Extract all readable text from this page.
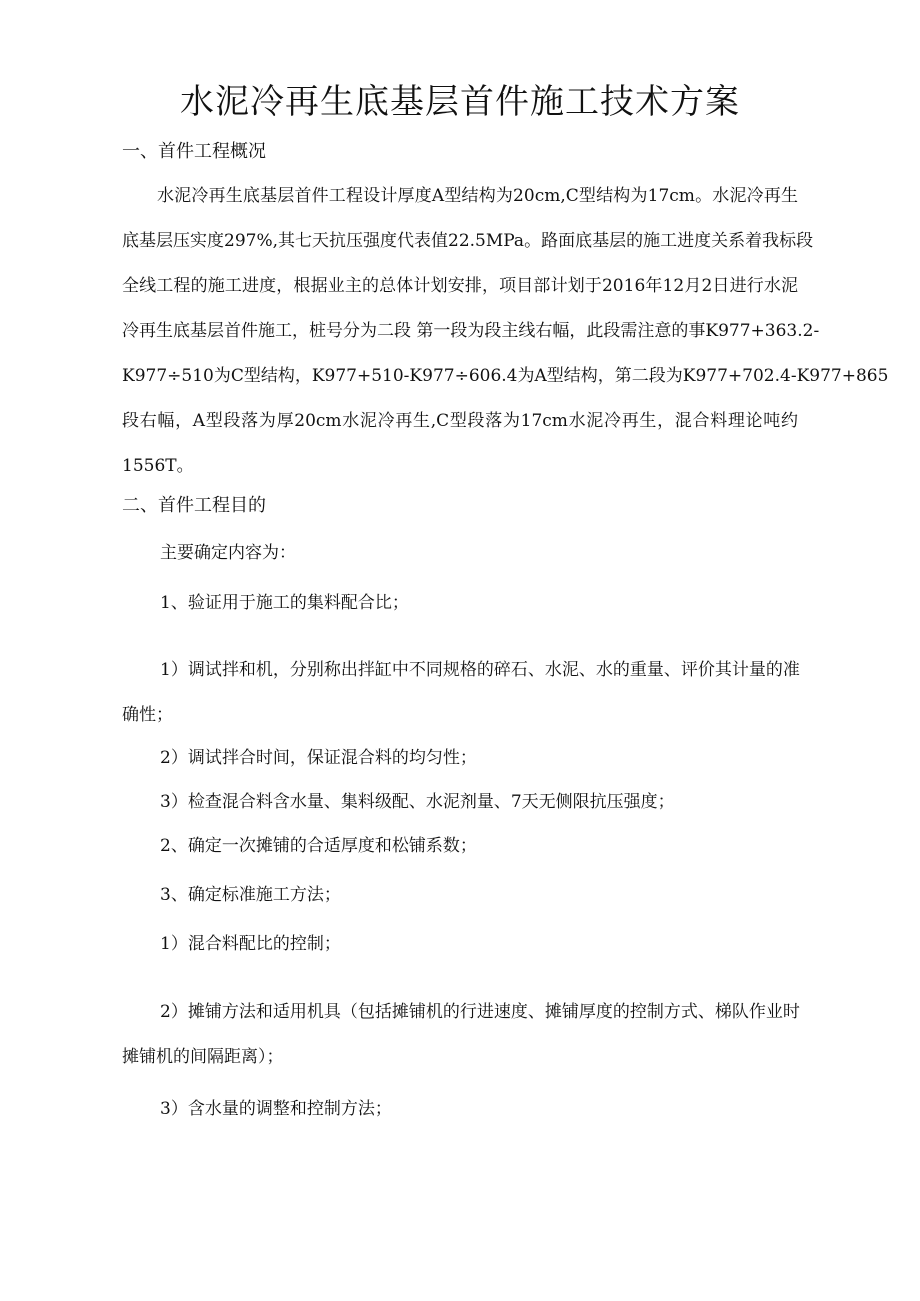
水泥冷再生底基层首件施工技术方案

一、首件工程概况

水泥冷再生底基层首件工程设计厚度A型结构为20cm,C型结构为17cm。水泥冷再生

底基层压实度297%,其七天抗压强度代表值22.5MPa。路面底基层的施工进度关系着我标段

全线工程的施工进度，根据业主的总体计划安排，项目部计划于2016年12月2日进行水泥

冷再生底基层首件施工，桩号分为二段 第一段为段主线右幅，此段需注意的事K977+363.2-

K977÷510为C型结构，K977+510-K977÷606.4为A型结构，第二段为K977+702.4-K977+865

段右幅，A型段落为厚20cm水泥冷再生,C型段落为17cm水泥冷再生，混合料理论吨约

1556T。

二、首件工程目的

主要确定内容为：

1、验证用于施工的集料配合比；

1）调试拌和机，分别称出拌缸中不同规格的碎石、水泥、水的重量、评价其计量的准

确性；

2）调试拌合时间，保证混合料的均匀性；

3）检查混合料含水量、集料级配、水泥剂量、7天无侧限抗压强度；

2、确定一次摊铺的合适厚度和松铺系数；

3、确定标准施工方法；

1）混合料配比的控制；

2）摊铺方法和适用机具（包括摊铺机的行进速度、摊铺厚度的控制方式、梯队作业时

摊铺机的间隔距离）；

3）含水量的调整和控制方法；
